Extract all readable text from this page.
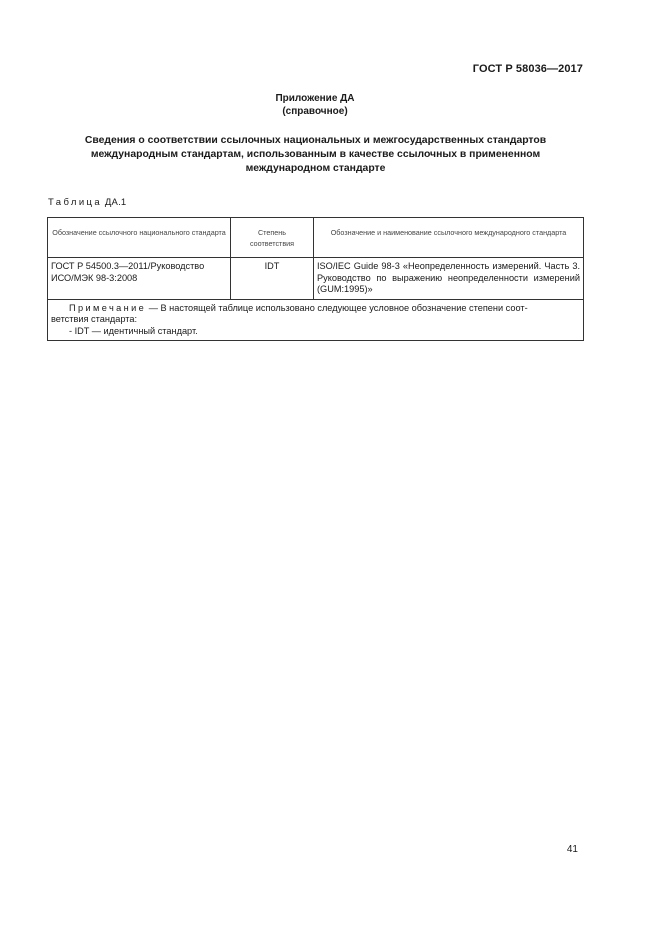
ГОСТ Р 58036—2017
Приложение ДА
(справочное)
Сведения о соответствии ссылочных национальных и межгосударственных стандартов
международным стандартам, использованным в качестве ссылочных в примененном
международном стандарте
Таблица ДА.1
Обозначение ссылочного национального стандарта	Степень соответствия	Обозначение и наименование ссылочного международного стандарта
ГОСТ Р 54500.3—2011/Руководство ИСО/МЭК 98-3:2008	IDT	ISO/IEC Guide 98-3 «Неопределенность измерений. Часть 3. Руководство по выражению неопределенности измерений (GUM:1995)»

Примечание — В настоящей таблице использовано следующее условное обозначение степени соот-
ветствия стандарта:
- IDT — идентичный стандарт.		
41
